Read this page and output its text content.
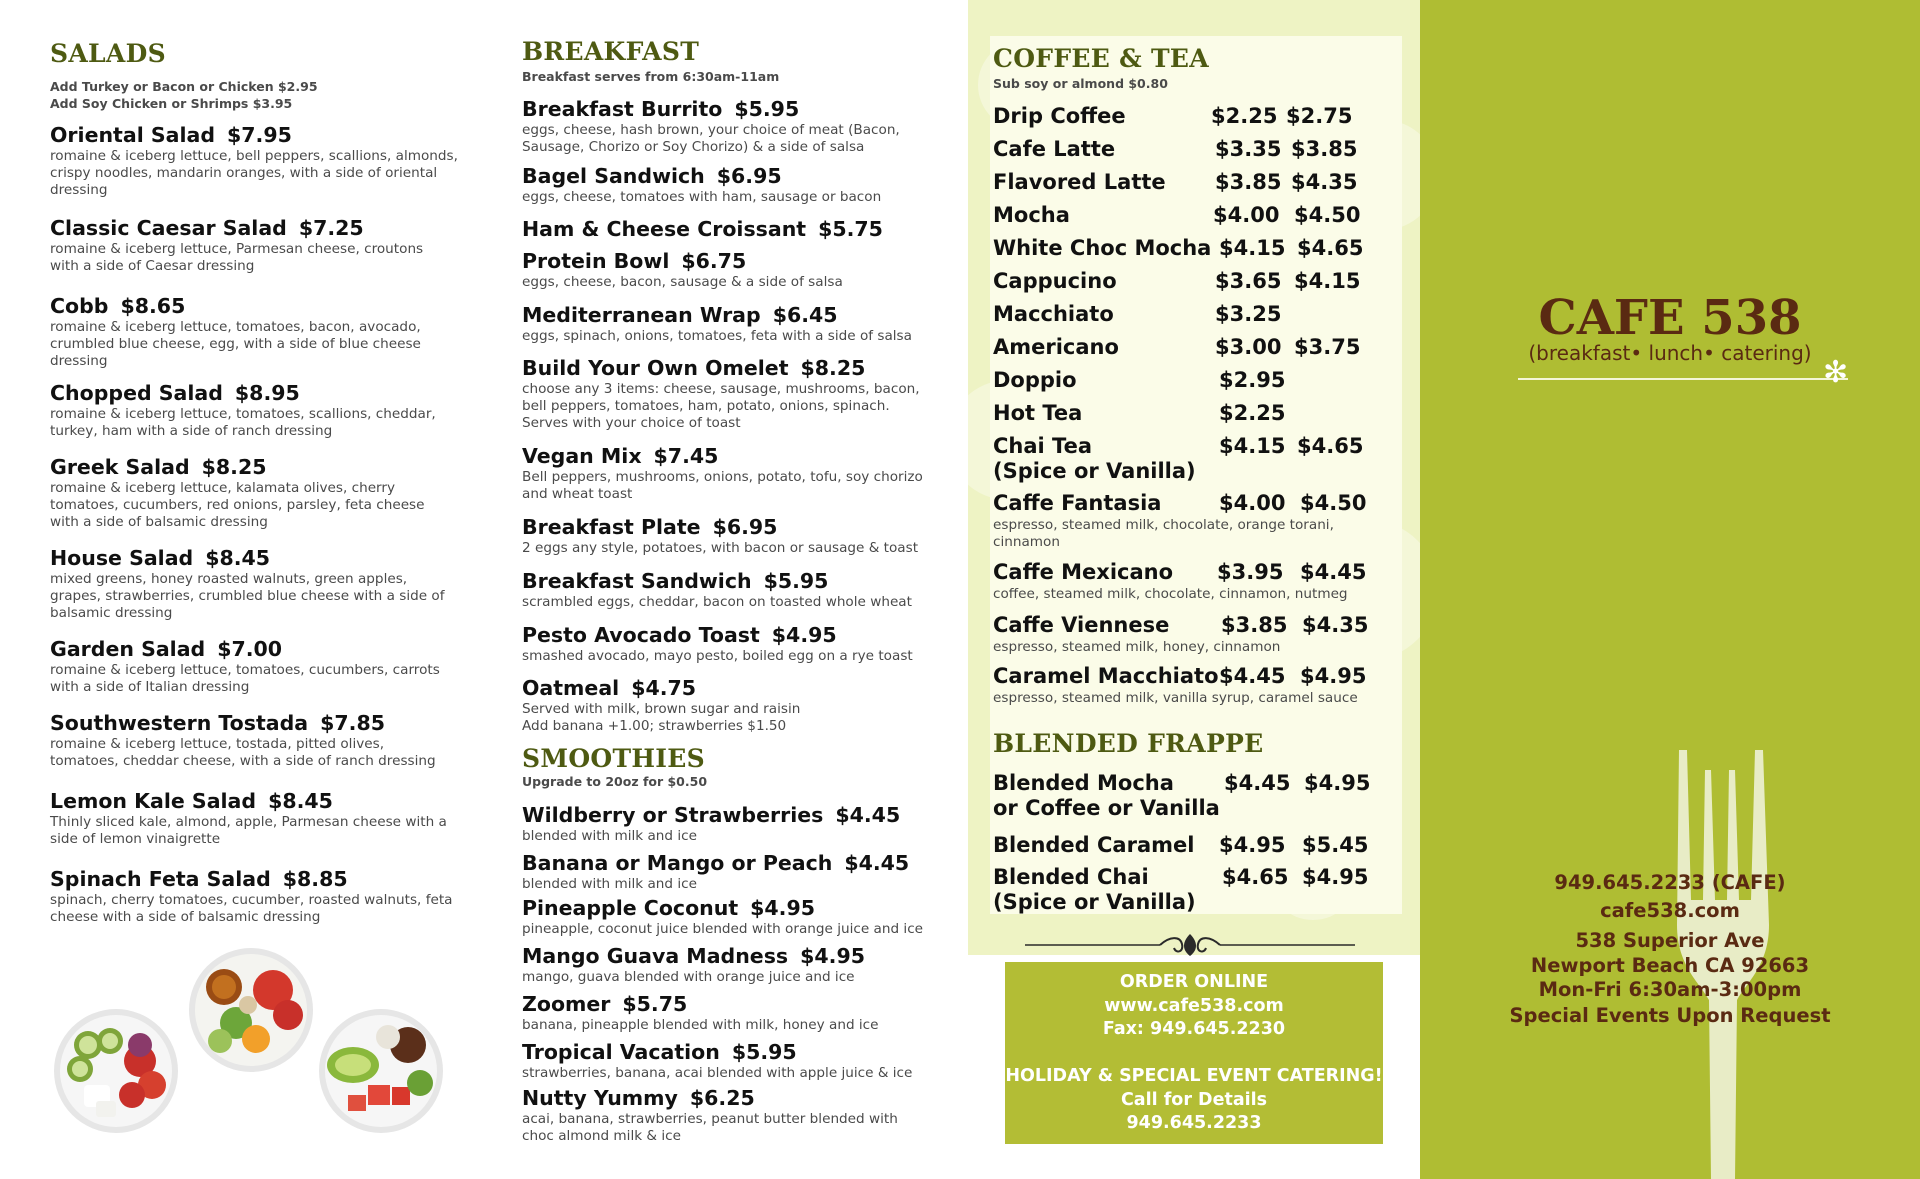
SALADS
Add Turkey or Bacon or Chicken $2.95
Add Soy Chicken or Shrimps $3.95
Oriental Salad $7.95
romaine & iceberg lettuce, bell peppers, scallions, almonds,
crispy noodles, mandarin oranges, with a side of oriental
dressing
Classic Caesar Salad $7.25
romaine & iceberg lettuce, Parmesan cheese, croutons
with a side of Caesar dressing
Cobb $8.65
romaine & iceberg lettuce, tomatoes, bacon, avocado,
crumbled blue cheese, egg, with a side of blue cheese
dressing
Chopped Salad $8.95
romaine & iceberg lettuce, tomatoes, scallions, cheddar,
turkey, ham with a side of ranch dressing
Greek Salad $8.25
romaine & iceberg lettuce, kalamata olives, cherry
tomatoes, cucumbers, red onions, parsley, feta cheese
with a side of balsamic dressing
House Salad $8.45
mixed greens, honey roasted walnuts, green apples,
grapes, strawberries, crumbled blue cheese with a side of
balsamic dressing
Garden Salad $7.00
romaine & iceberg lettuce, tomatoes, cucumbers, carrots
with a side of Italian dressing
Southwestern Tostada $7.85
romaine & iceberg lettuce, tostada, pitted olives,
tomatoes, cheddar cheese, with a side of ranch dressing
Lemon Kale Salad $8.45
Thinly sliced kale, almond, apple, Parmesan cheese with a
side of lemon vinaigrette
Spinach Feta Salad $8.85
spinach, cherry tomatoes, cucumber, roasted walnuts, feta
cheese with a side of balsamic dressing
BREAKFAST
Breakfast serves from 6:30am-11am
Breakfast Burrito $5.95
eggs, cheese, hash brown, your choice of meat (Bacon,
Sausage, Chorizo or Soy Chorizo) & a side of salsa
Bagel Sandwich $6.95
eggs, cheese, tomatoes with ham, sausage or bacon
Ham & Cheese Croissant $5.75
Protein Bowl $6.75
eggs, cheese, bacon, sausage & a side of salsa
Mediterranean Wrap $6.45
eggs, spinach, onions, tomatoes, feta with a side of salsa
Build Your Own Omelet $8.25
choose any 3 items: cheese, sausage, mushrooms, bacon,
bell peppers, tomatoes, ham, potato, onions, spinach.
Serves with your choice of toast
Vegan Mix $7.45
Bell peppers, mushrooms, onions, potato, tofu, soy chorizo
and wheat toast
Breakfast Plate $6.95
2 eggs any style, potatoes, with bacon or sausage & toast
Breakfast Sandwich $5.95
scrambled eggs, cheddar, bacon on toasted whole wheat
Pesto Avocado Toast $4.95
smashed avocado, mayo pesto, boiled egg on a rye toast
Oatmeal $4.75
Served with milk, brown sugar and raisin
Add banana +1.00; strawberries $1.50
SMOOTHIES
Upgrade to 20oz for $0.50
Wildberry or Strawberries $4.45
blended with milk and ice
Banana or Mango or Peach $4.45
blended with milk and ice
Pineapple Coconut $4.95
pineapple, coconut juice blended with orange juice and ice
Mango Guava Madness $4.95
mango, guava blended with orange juice and ice
Zoomer $5.75
banana, pineapple blended with milk, honey and ice
Tropical Vacation $5.95
strawberries, banana, acai blended with apple juice & ice
Nutty Yummy $6.25
acai, banana, strawberries, peanut butter blended with
choc almond milk & ice
COFFEE & TEA
Sub soy or almond $0.80
Drip Coffee	$2.25 $2.75
Cafe Latte	$3.35 $3.85
Flavored Latte $3.85 $4.35
Mocha	$4.00 $4.50
White Choc Mocha $4.15 $4.65
Cappucino	$3.65 $4.15
Macchiato	$3.25
Americano	$3.00 $3.75
Doppio	$2.95
Hot Tea	$2.25
Chai Tea
(Spice or Vanilla)
$4.15 $4.65
Caffe Fantasia	$4.00 $4.50
espresso, steamed milk, chocolate, orange torani,
cinnamon
Caffe Mexicano $3.95 $4.45
coffee, steamed milk, chocolate, cinnamon, nutmeg
Caffe Viennese $3.85 $4.35
espresso, steamed milk, honey, cinnamon
Caramel Macchiato $4.45 $4.95
espresso, steamed milk, vanilla syrup, caramel sauce
BLENDED FRAPPE
Blended Mocha
or Coffee or Vanilla
$4.45 $4.95
Blended Caramel $4.95 $5.45
Blended Chai
(Spice or Vanilla)
$4.65 $4.95
ORDER ONLINE
www.cafe538.com
Fax: 949.645.2230
HOLIDAY & SPECIAL EVENT CATERING!
Call for Details
949.645.2233
CAFE 538
(breakfast• lunch• catering)
✻
949.645.2233 (CAFE)
cafe538.com
538 Superior Ave
Newport Beach CA 92663
Mon-Fri 6:30am-3:00pm
Special Events Upon Request
